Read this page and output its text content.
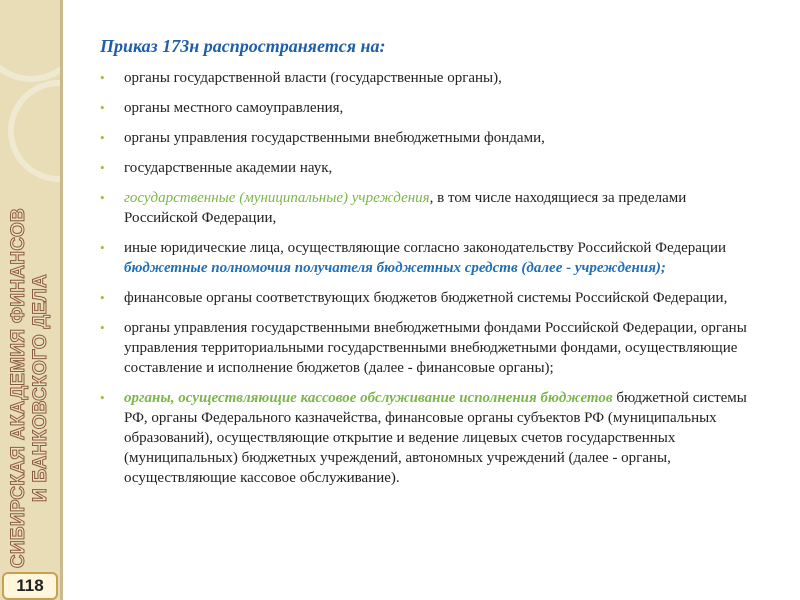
СИБИРСКАЯ АКАДЕМИЯ ФИНАНСОВ И БАНКОВСКОГО ДЕЛА
118
Приказ 173н распространяется на:
• органы государственной власти (государственные органы),
• органы местного самоуправления,
• органы управления государственными внебюджетными фондами,
• государственные академии наук,
• государственные (муниципальные) учреждения, в том числе находящиеся за пределами Российской Федерации,
• иные юридические лица, осуществляющие согласно законодательству Российской Федерации бюджетные полномочия получателя бюджетных средств (далее - учреждения);
• финансовые органы соответствующих бюджетов бюджетной системы Российской Федерации,
• органы управления государственными внебюджетными фондами Российской Федерации, органы управления территориальными государственными внебюджетными фондами, осуществляющие составление и исполнение бюджетов (далее - финансовые органы);
• органы, осуществляющие кассовое обслуживание исполнения бюджетов бюджетной системы РФ, органы Федерального казначейства, финансовые органы субъектов РФ (муниципальных образований), осуществляющие открытие и ведение лицевых счетов государственных (муниципальных) бюджетных учреждений, автономных учреждений (далее - органы, осуществляющие кассовое обслуживание).
